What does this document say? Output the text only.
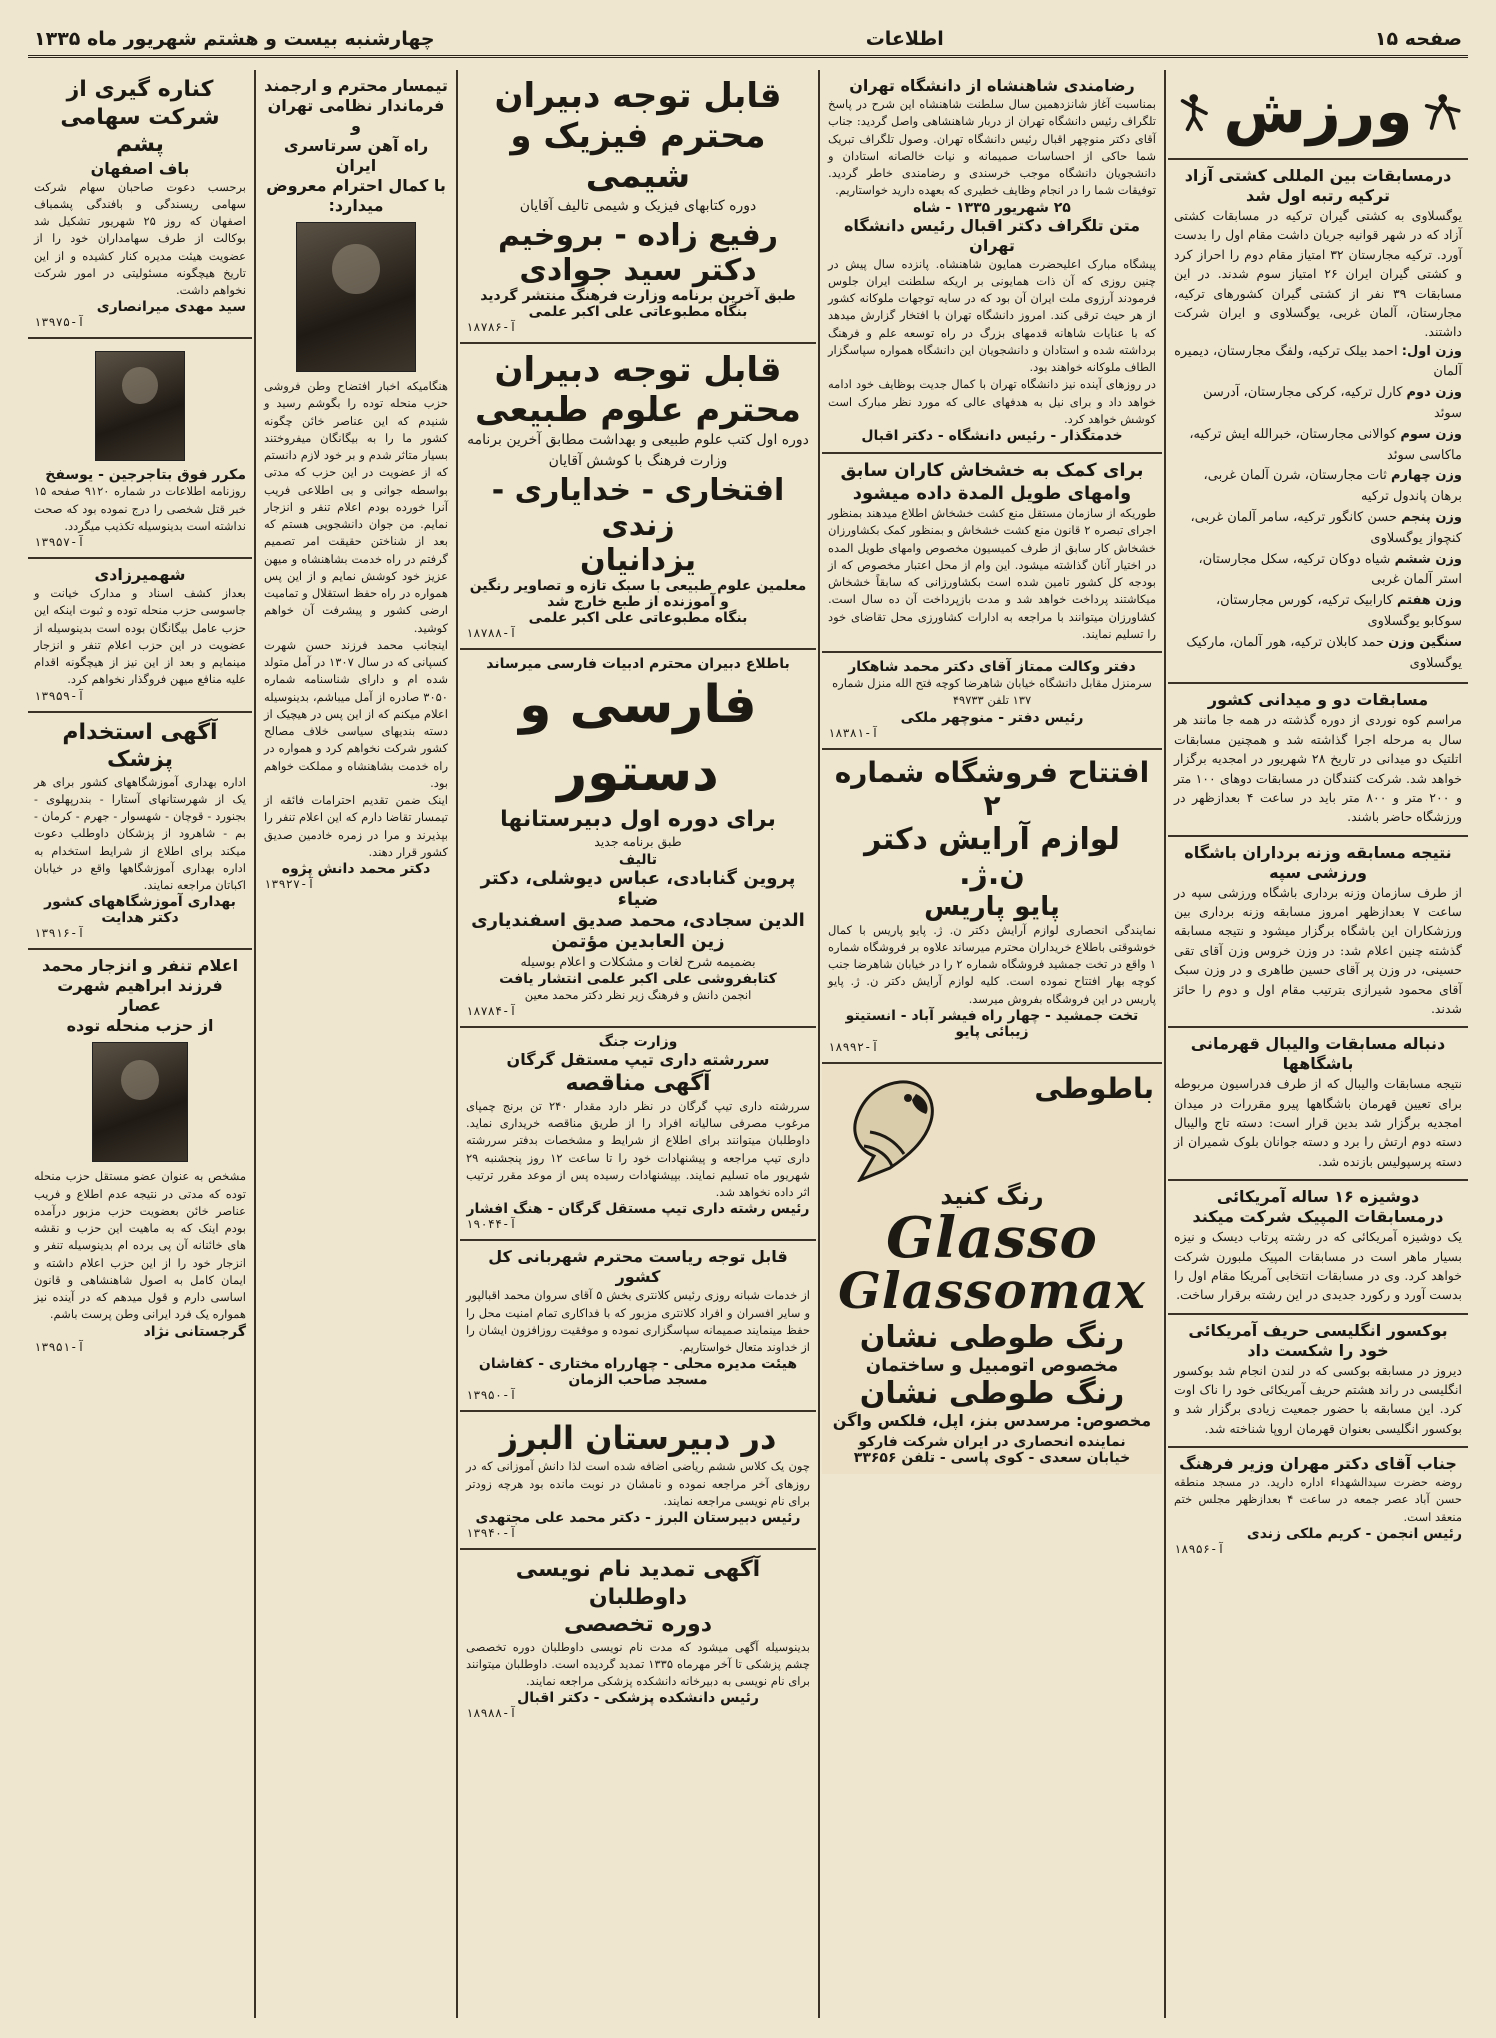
صفحه ۱۵
اطلاعات
چهارشنبه بیست و هشتم شهریور ماه ۱۳۳۵
ورزش
درمسابقات بین المللی کشتی آزاد ترکیه رتبه اول شد
یوگسلاوی به کشتی گیران ترکیه در مسابقات کشتی آزاد که در شهر قوانیه جریان داشت مقام اول را بدست آورد. ترکیه مجارستان ۳۲ امتیاز مقام دوم را احراز کرد و کشتی گیران ایران ۲۶ امتیاز سوم شدند. در این مسابقات ۳۹ نفر از کشتی گیران کشورهای ترکیه، مجارستان، آلمان غربی، یوگسلاوی و ایران شرکت داشتند.
وزن اول: احمد بیلک ترکیه، ولفگ مجارستان، دیمیره آلمان
وزن دوم کارل ترکیه، کرکی مجارستان، آدرسن سوئد
وزن سوم کوالانی مجارستان، خبرالله ایش ترکیه، ماکاسی سوئد
وزن چهارم ثات مجارستان، شرن آلمان غربی، برهان پاندول ترکیه
وزن پنجم حسن کانگور ترکیه، سامر آلمان غربی، کنچواز یوگسلاوی
وزن ششم شیاه دوکان ترکیه، سکل مجارستان، استر آلمان غربی
وزن هفتم کارابیک ترکیه، کورس مجارستان، سوکابو یوگسلاوی
سنگین وزن حمد کابلان ترکیه، هور آلمان، مارکیک یوگسلاوی
مسابقات دو و میدانی کشور
مراسم کوه نوردی از دوره گذشته در همه جا مانند هر سال به مرحله اجرا گذاشته شد و همچنین مسابقات اتلتیک دو میدانی در تاریخ ۲۸ شهریور در امجدیه برگزار خواهد شد. شرکت کنندگان در مسابقات دوهای ۱۰۰ متر و ۲۰۰ متر و ۸۰۰ متر باید در ساعت ۴ بعدازظهر در ورزشگاه حاضر باشند.
نتیجه مسابقه وزنه برداران باشگاه ورزشی سپه
از طرف سازمان وزنه برداری باشگاه ورزشی سپه در ساعت ۷ بعدازظهر امروز مسابقه وزنه برداری بین ورزشکاران این باشگاه برگزار میشود و نتیجه مسابقه گذشته چنین اعلام شد: در وزن خروس وزن آقای تقی حسینی، در وزن پر آقای حسین طاهری و در وزن سبک آقای محمود شیرازی بترتیب مقام اول و دوم را حائز شدند.
دنباله مسابقات والیبال قهرمانی باشگاهها
نتیجه مسابقات والیبال که از طرف فدراسیون مربوطه برای تعیین قهرمان باشگاهها پیرو مقررات در میدان امجدیه برگزار شد بدین قرار است: دسته تاج والیبال دسته دوم ارتش را برد و دسته جوانان بلوک شمیران از دسته پرسپولیس بازنده شد.
دوشیزه ۱۶ ساله آمریکائی درمسابقات المپیک شرکت میکند
یک دوشیزه آمریکائی که در رشته پرتاب دیسک و نیزه بسیار ماهر است در مسابقات المپیک ملبورن شرکت خواهد کرد. وی در مسابقات انتخابی آمریکا مقام اول را بدست آورد و رکورد جدیدی در این رشته برقرار ساخت.
بوکسور انگلیسی حریف آمریکائی خود را شکست داد
دیروز در مسابقه بوکسی که در لندن انجام شد بوکسور انگلیسی در راند هشتم حریف آمریکائی خود را ناک اوت کرد. این مسابقه با حضور جمعیت زیادی برگزار شد و بوکسور انگلیسی بعنوان قهرمان اروپا شناخته شد.
جناب آقای دکتر مهران وزیر فرهنگ
روضه حضرت سیدالشهداء اداره دارید. در مسجد منطقه حسن آباد عصر جمعه در ساعت ۴ بعدازظهر مجلس ختم منعقد است.
رئیس انجمن - کریم ملکی زندی
آ-۱۸۹۵۶
رضامندی شاهنشاه از دانشگاه تهران
بمناسبت آغاز شانزدهمین سال سلطنت شاهنشاه این شرح در پاسخ تلگراف رئیس دانشگاه تهران از دربار شاهنشاهی واصل گردید: جناب آقای دکتر منوچهر اقبال رئیس دانشگاه تهران. وصول تلگراف تبریک شما حاکی از احساسات صمیمانه و نیات خالصانه استادان و دانشجویان دانشگاه موجب خرسندی و رضامندی خاطر گردید. توفیقات شما را در انجام وظایف خطیری که بعهده دارید خواستاریم.
۲۵ شهریور ۱۳۳۵ - شاه
متن تلگراف دکتر اقبال رئیس دانشگاه تهران
پیشگاه مبارک اعلیحضرت همایون شاهنشاه. پانزده سال پیش در چنین روزی که آن ذات همایونی بر اریکه سلطنت ایران جلوس فرمودند آرزوی ملت ایران آن بود که در سایه توجهات ملوکانه کشور از هر حیث ترقی کند. امروز دانشگاه تهران با افتخار گزارش میدهد که با عنایات شاهانه قدمهای بزرگ در راه توسعه علم و فرهنگ برداشته شده و استادان و دانشجویان این دانشگاه همواره سپاسگزار الطاف ملوکانه خواهند بود.
در روزهای آینده نیز دانشگاه تهران با کمال جدیت بوظایف خود ادامه خواهد داد و برای نیل به هدفهای عالی که مورد نظر مبارک است کوشش خواهد کرد.
خدمتگذار - رئیس دانشگاه - دکتر اقبال
برای کمک به خشخاش کاران سابق وامهای طویل المدة داده میشود
طوریکه از سازمان مستقل منع کشت خشخاش اطلاع میدهند بمنظور اجرای تبصره ۲ قانون منع کشت خشخاش و بمنظور کمک بکشاورزان خشخاش کار سابق از طرف کمیسیون مخصوص وامهای طویل المده در اختیار آنان گذاشته میشود. این وام از محل اعتبار مخصوص که از بودجه کل کشور تامین شده است بکشاورزانی که سابقاً خشخاش میکاشتند پرداخت خواهد شد و مدت بازپرداخت آن ده سال است. کشاورزان میتوانند با مراجعه به ادارات کشاورزی محل تقاضای خود را تسلیم نمایند.
دفتر وکالت ممتاز آقای دکتر محمد شاهکار
سرمنزل مقابل دانشگاه خیابان شاهرضا کوچه فتح الله منزل شماره ۱۳۷ تلفن ۴۹۷۳۳
رئیس دفتر - منوچهر ملکی
آ-۱۸۳۸۱
افتتاح فروشگاه شماره ۲
لوازم آرایش دکتر ن.ژ.
پایو پاریس
نمایندگی انحصاری لوازم آرایش دکتر ن. ژ. پایو پاریس با کمال خوشوقتی باطلاع خریداران محترم میرساند علاوه بر فروشگاه شماره ۱ واقع در تخت جمشید فروشگاه شماره ۲ را در خیابان شاهرضا جنب کوچه بهار افتتاح نموده است. کلیه لوازم آرایش دکتر ن. ژ. پایو پاریس در این فروشگاه بفروش میرسد.
تخت جمشید - چهار راه فیشر آباد - انستیتو زیبائی پایو
آ-۱۸۹۹۲
باطوطی
رنگ کنید
Glasso
Glassomax
رنگ طوطی نشان
مخصوص اتومبیل و ساختمان
رنگ طوطی نشان
مخصوص: مرسدس بنز، اپل، فلکس واگن
نماینده انحصاری در ایران شرکت فارکو
خیابان سعدی - کوی پاسی - تلفن ۳۳۶۵۶
قابل توجه دبیران
محترم فیزیک و شیمی
دوره کتابهای فیزیک و شیمی تالیف آقایان
رفیع زاده - بروخیم
دکتر سید جوادی
طبق آخرین برنامه وزارت فرهنگ منتشر گردید
بنگاه مطبوعاتی علی اکبر علمی
آ-۱۸۷۸۶
قابل توجه دبیران
محترم علوم طبیعی
دوره اول کتب علوم طبیعی و بهداشت مطابق آخرین برنامه وزارت فرهنگ با کوشش آقایان
افتخاری - خدایاری - زندی
یزدانیان
معلمین علوم طبیعی با سبک تازه و تصاویر رنگین و آموزنده از طبع خارج شد
بنگاه مطبوعاتی علی اکبر علمی
آ-۱۸۷۸۸
باطلاع دبیران محترم ادبیات فارسی میرساند
فارسی و دستور
برای دوره اول دبیرستانها
طبق برنامه جدید
تالیف
پروین گنابادی، عباس دیوشلی، دکتر ضیاء
الدین سجادی، محمد صدیق اسفندیاری
زین العابدین مؤتمن
بضمیمه شرح لغات و مشکلات و اعلام بوسیله
کتابفروشی علی اکبر علمی انتشار یافت
انجمن دانش و فرهنگ زیر نظر دکتر محمد معین
آ-۱۸۷۸۴
وزارت جنگ
سررشته داری تیپ مستقل گرگان
آگهی مناقصه
سررشته داری تیپ گرگان در نظر دارد مقدار ۲۴۰ تن برنج چمپای مرغوب مصرفی ساليانه افراد را از طریق مناقصه خریداری نماید. داوطلبان میتوانند برای اطلاع از شرایط و مشخصات بدفتر سررشته داری تیپ مراجعه و پیشنهادات خود را تا ساعت ۱۲ روز پنجشنبه ۲۹ شهریور ماه تسلیم نمایند. بپیشنهادات رسیده پس از موعد مقرر ترتیب اثر داده نخواهد شد.
رئیس رشته داری تیپ مستقل گرگان - هنگ افشار
آ-۱۹۰۴۴
قابل توجه ریاست محترم شهربانی کل کشور
از خدمات شبانه روزی رئیس کلانتری بخش ۵ آقای سروان محمد اقبالپور و سایر افسران و افراد کلانتری مزبور که با فداکاری تمام امنیت محل را حفظ مینمایند صمیمانه سپاسگزاری نموده و موفقیت روزافزون ایشان را از خداوند متعال خواستاریم.
هیئت مدیره محلی - چهارراه مختاری - کفاشان
مسجد صاحب الزمان
آ-۱۳۹۵۰
در دبیرستان البرز
چون یک کلاس ششم ریاضی اضافه شده است لذا دانش آموزانی که در روزهای آخر مراجعه نموده و نامشان در نوبت مانده بود هرچه زودتر برای نام نویسی مراجعه نمایند.
رئیس دبیرستان البرز - دکتر محمد علی مجتهدی
آ-۱۳۹۴۰
آگهی تمدید نام نویسی داوطلبان
دوره تخصصی
بدینوسیله آگهی میشود که مدت نام نویسی داوطلبان دوره تخصصی چشم پزشکی تا آخر مهرماه ۱۳۳۵ تمدید گردیده است. داوطلبان میتوانند برای نام نویسی به دبیرخانه دانشکده پزشکی مراجعه نمایند.
رئیس دانشکده پزشکی - دکتر اقبال
آ-۱۸۹۸۸
تیمسار محترم و ارجمند
فرماندار نظامی تهران و
راه آهن سرتاسری ایران
با کمال احترام معروض
میدارد:
هنگامیکه اخبار افتضاح وطن فروشی حزب منحله توده را بگوشم رسید و شنیدم که این عناصر خائن چگونه کشور ما را به بیگانگان میفروختند بسیار متاثر شدم و بر خود لازم دانستم که از عضویت در این حزب که مدتی بواسطه جوانی و بی اطلاعی فریب آنرا خورده بودم اعلام تنفر و انزجار نمایم. من جوان دانشجویی هستم که بعد از شناختن حقیقت امر تصمیم گرفتم در راه خدمت بشاهنشاه و میهن عزیز خود کوشش نمایم و از این پس همواره در راه حفظ استقلال و تمامیت ارضی کشور و پیشرفت آن خواهم کوشید.
اینجانب محمد فرزند حسن شهرت کسپانی که در سال ۱۳۰۷ در آمل متولد شده ام و دارای شناسنامه شماره ۳۰۵۰ صادره از آمل میباشم، بدینوسیله اعلام میکنم که از این پس در هیچیک از دسته بندیهای سیاسی خلاف مصالح کشور شرکت نخواهم کرد و همواره در راه خدمت بشاهنشاه و مملکت خواهم بود.
اینک ضمن تقدیم احترامات فائقه از تیمسار تقاضا دارم که این اعلام تنفر را بپذیرند و مرا در زمره خادمین صدیق کشور قرار دهند.
دکتر محمد دانش پژوه
آ-۱۳۹۲۷
کناره گیری از شرکت سهامی پشم
باف اصفهان
برحسب دعوت صاحبان سهام شرکت سهامی ریسندگی و بافندگی پشمباف اصفهان که روز ۲۵ شهریور تشکیل شد بوکالت از طرف سهامداران خود را از عضویت هیئت مدیره کنار کشیده و از این تاریخ هیچگونه مسئولیتی در امور شرکت نخواهم داشت.
سید مهدی میرانصاری
آ-۱۳۹۷۵
مکرر فوق بتاجرجین - یوسفخ
روزنامه اطلاعات در شماره ۹۱۲۰ صفحه ۱۵ خبر قتل شخصی را درج نموده بود که صحت نداشته است بدینوسیله تکذیب میگردد.
آ-۱۳۹۵۷
شهمیرزادی
بعداز کشف اسناد و مدارک خیانت و جاسوسی حزب منحله توده و ثبوت اینکه این حزب عامل بیگانگان بوده است بدینوسیله از عضویت در این حزب اعلام تنفر و انزجار مینمایم و بعد از این نیز از هیچگونه اقدام علیه منافع میهن فروگذار نخواهم کرد.
آ-۱۳۹۵۹
آگهی استخدام پزشک
اداره بهداری آموزشگاههای کشور برای هر یک از شهرستانهای آستارا - بندرپهلوی - بجنورد - قوچان - شهسوار - جهرم - کرمان - بم - شاهرود از پزشکان داوطلب دعوت میکند برای اطلاع از شرایط استخدام به اداره بهداری آموزشگاهها واقع در خیابان اکباتان مراجعه نمایند.
بهداری آموزشگاههای کشور
دکتر هدایت
آ-۱۳۹۱۶
اعلام تنفر و انزجار محمد
فرزند ابراهیم شهرت عصار
از حزب منحله توده
مشخص به عنوان عضو مستقل حزب منحله توده که مدتی در نتیجه عدم اطلاع و فریب عناصر خائن بعضویت حزب مزبور درآمده بودم اینک که به ماهیت این حزب و نقشه های خائنانه آن پی برده ام بدینوسیله تنفر و انزجار خود را از این حزب اعلام داشته و ایمان کامل به اصول شاهنشاهی و قانون اساسی دارم و قول میدهم که در آینده نیز همواره یک فرد ایرانی وطن پرست باشم.
گرجستانی نژاد
آ-۱۳۹۵۱
